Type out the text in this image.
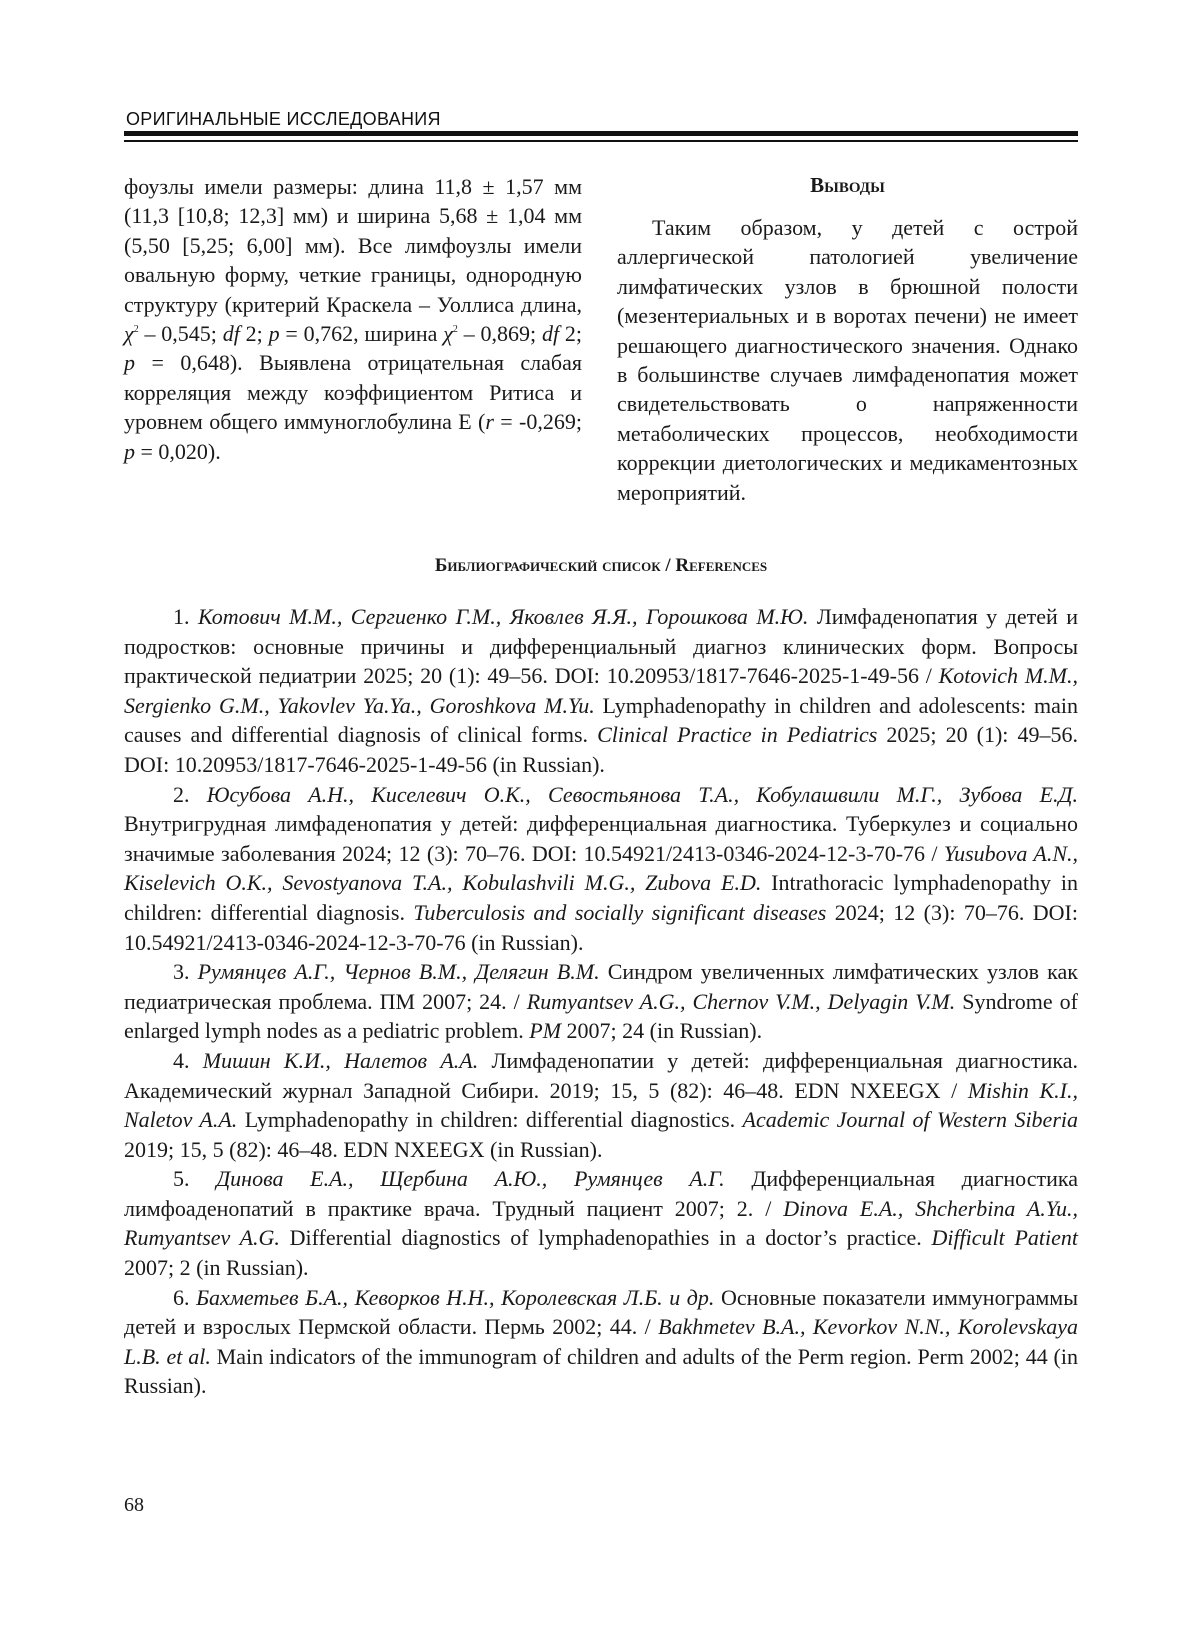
ОРИГИНАЛЬНЫЕ ИССЛЕДОВАНИЯ

фоузлы имели размеры: длина 11,8 ± 1,57 мм (11,3 [10,8; 12,3] мм) и ширина 5,68 ± 1,04 мм (5,50 [5,25; 6,00] мм). Все лимфоузлы имели овальную форму, четкие границы, однородную структуру (критерий Краскела – Уоллиса длина, $\chi^2 - 0,545$; df 2; p = 0,762, ширина $\chi^2 - 0,869$; df 2; p = 0,648). Выявлена отрицательная слабая корреляция между коэффициентом Ритиса и уровнем общего иммуноглобулина Е (r = -0,269; p = 0,020).

Выводы

Таким образом, у детей с острой аллергической патологией увеличение лимфатических узлов в брюшной полости (мезентериальных и в воротах печени) не имеет решающего диагностического значения. Однако в большинстве случаев лимфаденопатия может свидетельствовать о напряженности метаболических процессов, необходимости коррекции диетологических и медикаментозных мероприятий.

Библиографический список / References
1. Котович М.М., Сергиенко Г.М., Яковлев Я.Я., Горошкова М.Ю. Лимфаденопатия у детей и подростков: основные причины и дифференциальный диагноз клинических форм. Вопросы практической педиатрии 2025; 20 (1): 49–56. DOI: 10.20953/1817-7646-2025-1-49-56 / Kotovich M.M., Sergienko G.M., Yakovlev Ya.Ya., Goroshkova M.Yu. Lymphadenopathy in children and adolescents: main causes and differential diagnosis of clinical forms. Clinical Practice in Pediatrics 2025; 20 (1): 49–56. DOI: 10.20953/1817-7646-2025-1-49-56 (in Russian).
2. Юсубова А.Н., Киселевич О.К., Севостьянова Т.А., Кобулашвили М.Г., Зубова Е.Д. Внутригрудная лимфаденопатия у детей: дифференциальная диагностика. Туберкулез и социально значимые заболевания 2024; 12 (3): 70–76. DOI: 10.54921/2413-0346-2024-12-3-70-76 / Yusubova A.N., Kiselevich O.K., Sevostyanova T.A., Kobulashvili M.G., Zubova E.D. Intrathoracic lymphadenopathy in children: differential diagnosis. Tuberculosis and socially significant diseases 2024; 12 (3): 70–76. DOI: 10.54921/2413-0346-2024-12-3-70-76 (in Russian).
3. Румянцев А.Г., Чернов В.М., Делягин В.М. Синдром увеличенных лимфатических узлов как педиатрическая проблема. ПМ 2007; 24. / Rumyantsev A.G., Chernov V.M., Delyagin V.M. Syndrome of enlarged lymph nodes as a pediatric problem. PM 2007; 24 (in Russian).
4. Мишин К.И., Налетов А.А. Лимфаденопатии у детей: дифференциальная диагностика. Академический журнал Западной Сибири. 2019; 15, 5 (82): 46–48. EDN NXEEGX / Mishin K.I., Naletov A.A. Lymphadenopathy in children: differential diagnostics. Academic Journal of Western Siberia 2019; 15, 5 (82): 46–48. EDN NXEEGX (in Russian).
5. Динова Е.А., Щербина А.Ю., Румянцев А.Г. Дифференциальная диагностика лимфоаденопатий в практике врача. Трудный пациент 2007; 2. / Dinova E.A., Shcherbina A.Yu., Rumyantsev A.G. Differential diagnostics of lymphadenopathies in a doctor’s practice. Difficult Patient 2007; 2 (in Russian).
6. Бахметьев Б.А., Кеворков Н.Н., Королевская Л.Б. и др. Основные показатели иммунограммы детей и взрослых Пермской области. Пермь 2002; 44. / Bakhmetev B.A., Kevorkov N.N., Korolevskaya L.B. et al. Main indicators of the immunogram of children and adults of the Perm region. Perm 2002; 44 (in Russian).
68
